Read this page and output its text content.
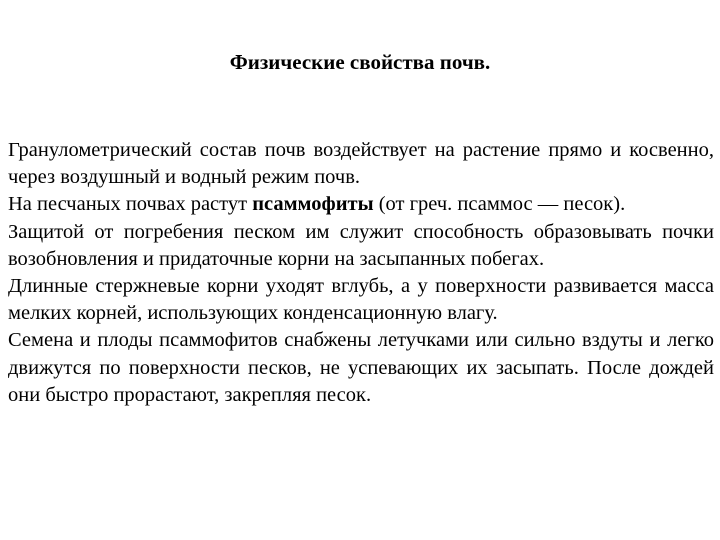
Физические свойства почв.

Гранулометрический состав почв воздействует на растение прямо и косвенно, через воздушный и водный режим почв.

На песчаных почвах растут псаммофиты (от греч. псаммос — песок).

Защитой от погребения песком им служит способность образовывать почки возобновления и придаточные корни на засыпанных побегах.

Длинные стержневые корни уходят вглубь, а у поверхности развивается масса мелких корней, использующих конденсационную влагу.

Семена и плоды псаммофитов снабжены летучками или сильно вздуты и легко движутся по поверхности песков, не успевающих их засыпать. После дождей они быстро прорастают, закрепляя песок.
